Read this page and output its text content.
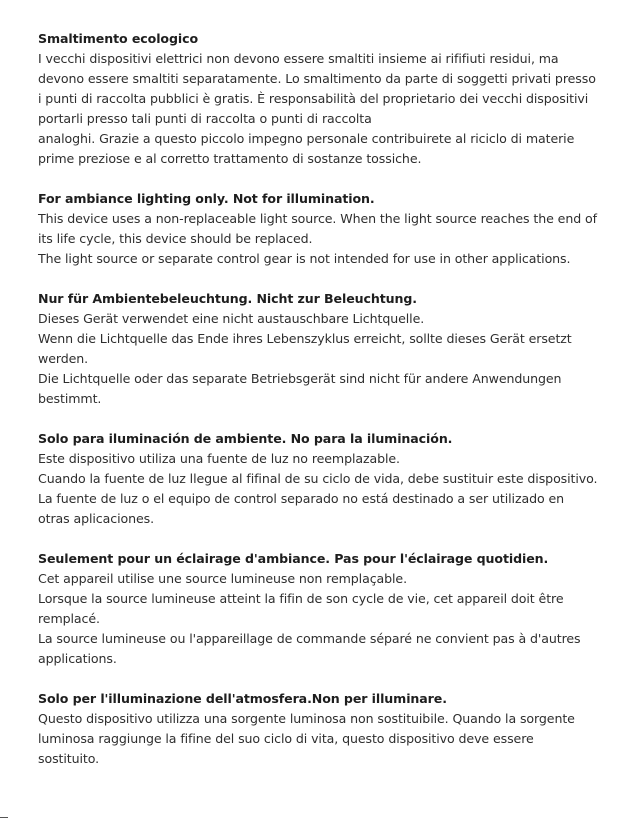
Smaltimento ecologico
I vecchi dispositivi elettrici non devono essere smaltiti insieme ai rififiuti residui, ma
devono essere smaltiti separatamente. Lo smaltimento da parte di soggetti privati presso
i punti di raccolta pubblici è gratis. È responsabilità del proprietario dei vecchi dispositivi
portarli presso tali punti di raccolta o punti di raccolta
analoghi. Grazie a questo piccolo impegno personale contribuirete al riciclo di materie
prime preziose e al corretto trattamento di sostanze tossiche.
For ambiance lighting only. Not for illumination.
This device uses a non-replaceable light source. When the light source reaches the end of
its life cycle, this device should be replaced.
The light source or separate control gear is not intended for use in other applications.
Nur für Ambientebeleuchtung. Nicht zur Beleuchtung.
Dieses Gerät verwendet eine nicht austauschbare Lichtquelle.
Wenn die Lichtquelle das Ende ihres Lebenszyklus erreicht, sollte dieses Gerät ersetzt
werden.
Die Lichtquelle oder das separate Betriebsgerät sind nicht für andere Anwendungen
bestimmt.
Solo para iluminación de ambiente. No para la iluminación.
Este dispositivo utiliza una fuente de luz no reemplazable.
Cuando la fuente de luz llegue al fifinal de su ciclo de vida, debe sustituir este dispositivo.
La fuente de luz o el equipo de control separado no está destinado a ser utilizado en
otras aplicaciones.
Seulement pour un éclairage d'ambiance. Pas pour l'éclairage quotidien.
Cet appareil utilise une source lumineuse non remplaçable.
Lorsque la source lumineuse atteint la fifin de son cycle de vie, cet appareil doit être
remplacé.
La source lumineuse ou l'appareillage de commande séparé ne convient pas à d'autres
applications.
Solo per l'illuminazione dell'atmosfera.Non per illuminare.
Questo dispositivo utilizza una sorgente luminosa non sostituibile. Quando la sorgente
luminosa raggiunge la fifine del suo ciclo di vita, questo dispositivo deve essere
sostituito.
